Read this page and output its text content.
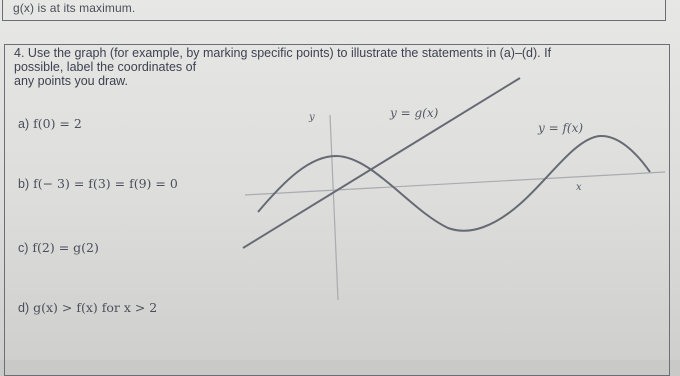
g(x) is at its maximum.
4. Use the graph (for example, by marking specific points) to illustrate the statements in (a)–(d). If
possible, label the coordinates of
any points you draw.
a) f(0) = 2
b) f(− 3) = f(3) = f(9) = 0
c) f(2) = g(2)
d) g(x) > f(x) for x > 2
y
x
y = g(x)
y = f(x)
